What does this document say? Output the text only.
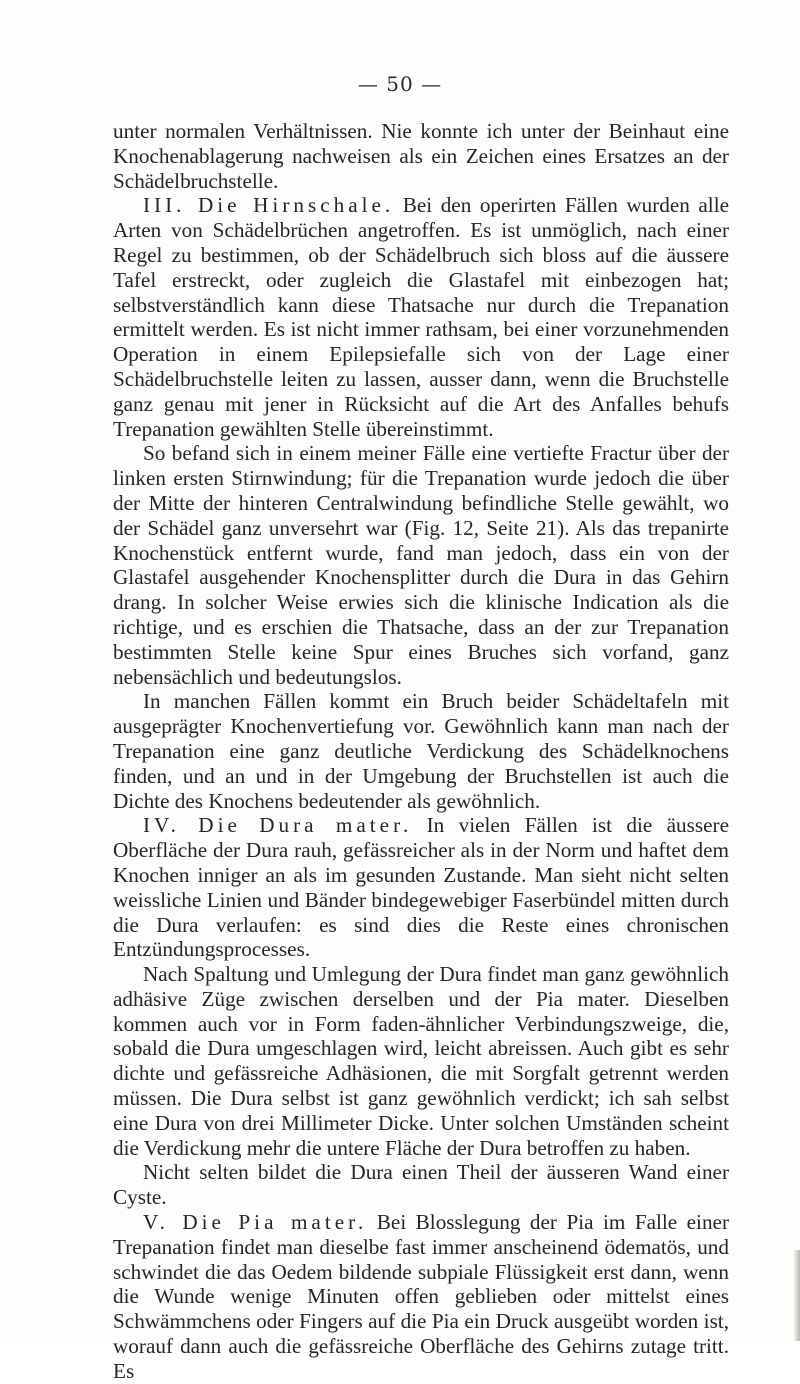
— 50 —

unter normalen Verhältnissen. Nie konnte ich unter der Beinhaut eine Knochenablagerung nachweisen als ein Zeichen eines Ersatzes an der Schädelbruchstelle.

III. Die Hirnschale. Bei den operirten Fällen wurden alle Arten von Schädelbrüchen angetroffen. Es ist unmöglich, nach einer Regel zu bestimmen, ob der Schädelbruch sich bloss auf die äussere Tafel erstreckt, oder zugleich die Glastafel mit einbezogen hat; selbstverständlich kann diese Thatsache nur durch die Trepanation ermittelt werden. Es ist nicht immer rathsam, bei einer vorzunehmenden Operation in einem Epilepsiefalle sich von der Lage einer Schädelbruchstelle leiten zu lassen, ausser dann, wenn die Bruchstelle ganz genau mit jener in Rücksicht auf die Art des Anfalles behufs Trepanation gewählten Stelle übereinstimmt.

So befand sich in einem meiner Fälle eine vertiefte Fractur über der linken ersten Stirnwindung; für die Trepanation wurde jedoch die über der Mitte der hinteren Centralwindung befindliche Stelle gewählt, wo der Schädel ganz unversehrt war (Fig. 12, Seite 21). Als das trepanirte Knochenstück entfernt wurde, fand man jedoch, dass ein von der Glastafel ausgehender Knochensplitter durch die Dura in das Gehirn drang. In solcher Weise erwies sich die klinische Indication als die richtige, und es erschien die Thatsache, dass an der zur Trepanation bestimmten Stelle keine Spur eines Bruches sich vorfand, ganz nebensächlich und bedeutungslos.

In manchen Fällen kommt ein Bruch beider Schädeltafeln mit ausgeprägter Knochenvertiefung vor. Gewöhnlich kann man nach der Trepanation eine ganz deutliche Verdickung des Schädelknochens finden, und an und in der Umgebung der Bruchstellen ist auch die Dichte des Knochens bedeutender als gewöhnlich.

IV. Die Dura mater. In vielen Fällen ist die äussere Oberfläche der Dura rauh, gefässreicher als in der Norm und haftet dem Knochen inniger an als im gesunden Zustande. Man sieht nicht selten weissliche Linien und Bänder bindegewebiger Faserbündel mitten durch die Dura verlaufen: es sind dies die Reste eines chronischen Entzündungsprocesses.

Nach Spaltung und Umlegung der Dura findet man ganz gewöhnlich adhäsive Züge zwischen derselben und der Pia mater. Dieselben kommen auch vor in Form faden-ähnlicher Verbindungszweige, die, sobald die Dura umgeschlagen wird, leicht abreissen. Auch gibt es sehr dichte und gefässreiche Adhäsionen, die mit Sorgfalt getrennt werden müssen. Die Dura selbst ist ganz gewöhnlich verdickt; ich sah selbst eine Dura von drei Millimeter Dicke. Unter solchen Umständen scheint die Verdickung mehr die untere Fläche der Dura betroffen zu haben.

Nicht selten bildet die Dura einen Theil der äusseren Wand einer Cyste.

V. Die Pia mater. Bei Blosslegung der Pia im Falle einer Trepanation findet man dieselbe fast immer anscheinend ödematös, und schwindet die das Oedem bildende subpiale Flüssigkeit erst dann, wenn die Wunde wenige Minuten offen geblieben oder mittelst eines Schwämmchens oder Fingers auf die Pia ein Druck ausgeübt worden ist, worauf dann auch die gefässreiche Oberfläche des Gehirns zutage tritt. Es
